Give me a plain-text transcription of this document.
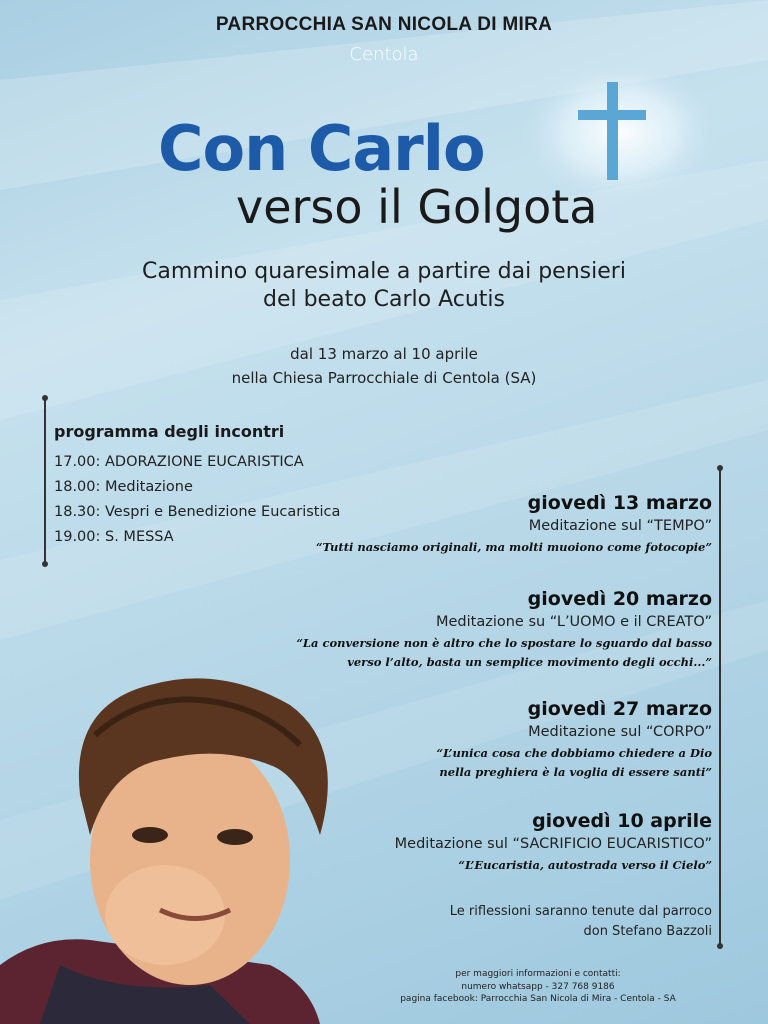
PARROCCHIA SAN NICOLA DI MIRA
Centola
Con Carlo
verso il Golgota
Cammino quaresimale a partire dai pensieri
del beato Carlo Acutis
dal 13 marzo al 10 aprile
nella Chiesa Parrocchiale di Centola (SA)
programma degli incontri
17.00: ADORAZIONE EUCARISTICA
18.00: Meditazione
18.30: Vespri e Benedizione Eucaristica
19.00: S. MESSA
giovedì 13 marzo
Meditazione sul “TEMPO”
“Tutti nasciamo originali, ma molti muoiono come fotocopie”
giovedì 20 marzo
Meditazione su “L’UOMO e il CREATO”
“La conversione non è altro che lo spostare lo sguardo dal basso
verso l’alto, basta un semplice movimento degli occhi...”
giovedì 27 marzo
Meditazione sul “CORPO”
“L’unica cosa che dobbiamo chiedere a Dio
nella preghiera è la voglia di essere santi”
giovedì 10 aprile
Meditazione sul “SACRIFICIO EUCARISTICO”
“L’Eucaristia, autostrada verso il Cielo”
Le riflessioni saranno tenute dal parroco
don Stefano Bazzoli
per maggiori informazioni e contatti:
numero whatsapp - 327 768 9186
pagina facebook: Parrocchia San Nicola di Mira - Centola - SA
